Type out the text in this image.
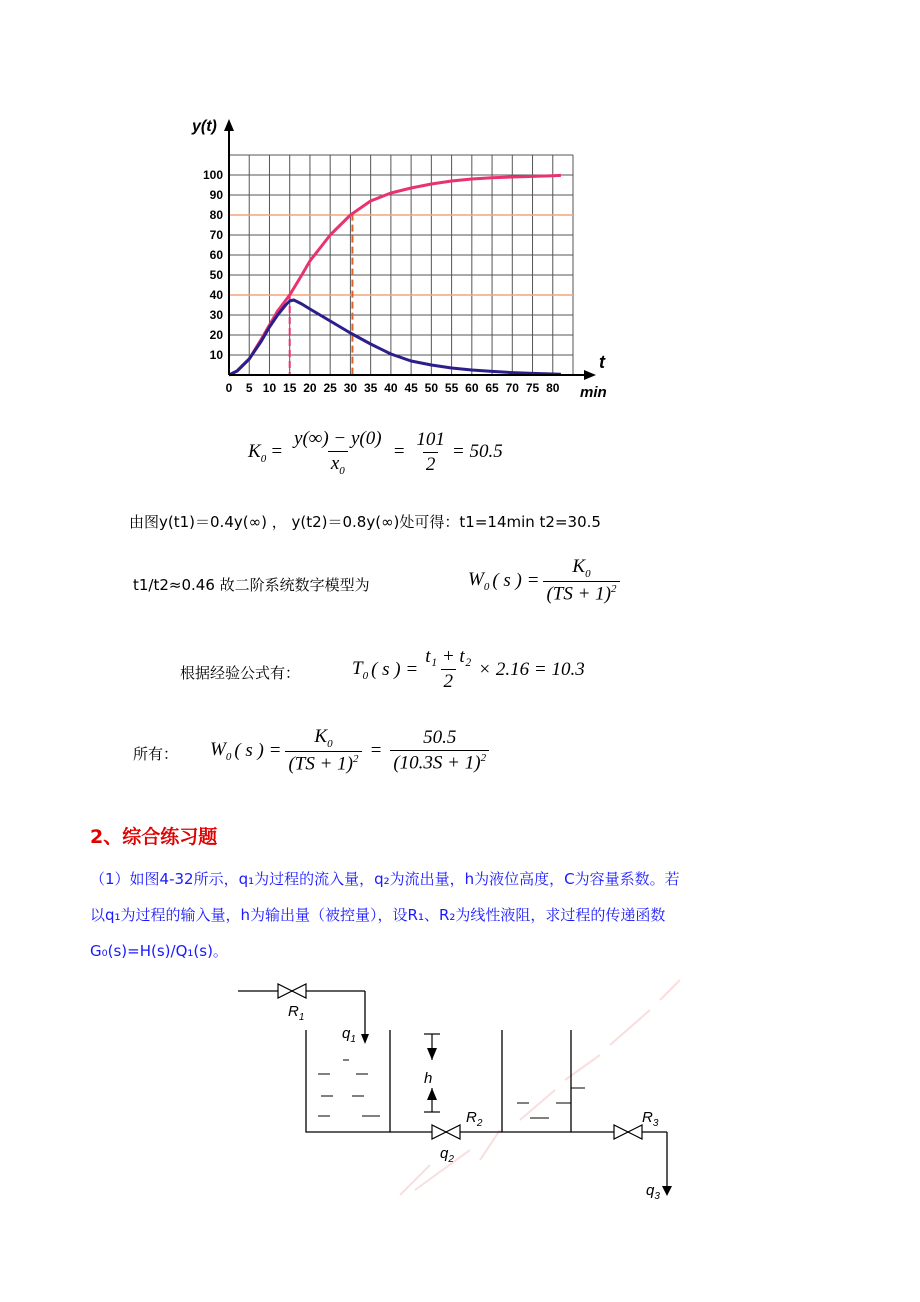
0 5 10 15 20 25 30 35 40 45 50 55 60 65 70 75 80
10
20
30
40
50
60
70
80
90
100
y(t)
t
min
$K_0 = \frac{y(\infty) - y(0)}{x_0} = \frac{101}{2} = 50.5$
由图y(t1)＝0.4y(∞) ， y(t2)＝0.8y(∞)处可得：t1=14min t2=30.5
t1/t2≈0.46 故二阶系统数字模型为	$W_0$ ( s ) = $\frac{K_0}{(TS + 1)^2}$
根据经验公式有：	$T_0$ ( s ) = $\frac{\text{t₁ + t₂}}{2} \times 2.16 = 10.3$
所有： $W_0$ ( s ) = $\frac{K_0}{(TS + 1)^2} = \frac{50.5}{(10.3S + 1)^2}$
2、综合练习题
（1）如图4-32所示，q₁为过程的流入量，q₂为流出量，h为液位高度，C为容量系数。若
以q₁为过程的输入量，h为输出量（被控量），设R₁、R₂为线性液阻，求过程的传递函数
G₀(s)=H(s)/Q₁(s)。
$R_1$
$q_1$
h
$R_2$
$q_2$
$R_3$
$q_3$
